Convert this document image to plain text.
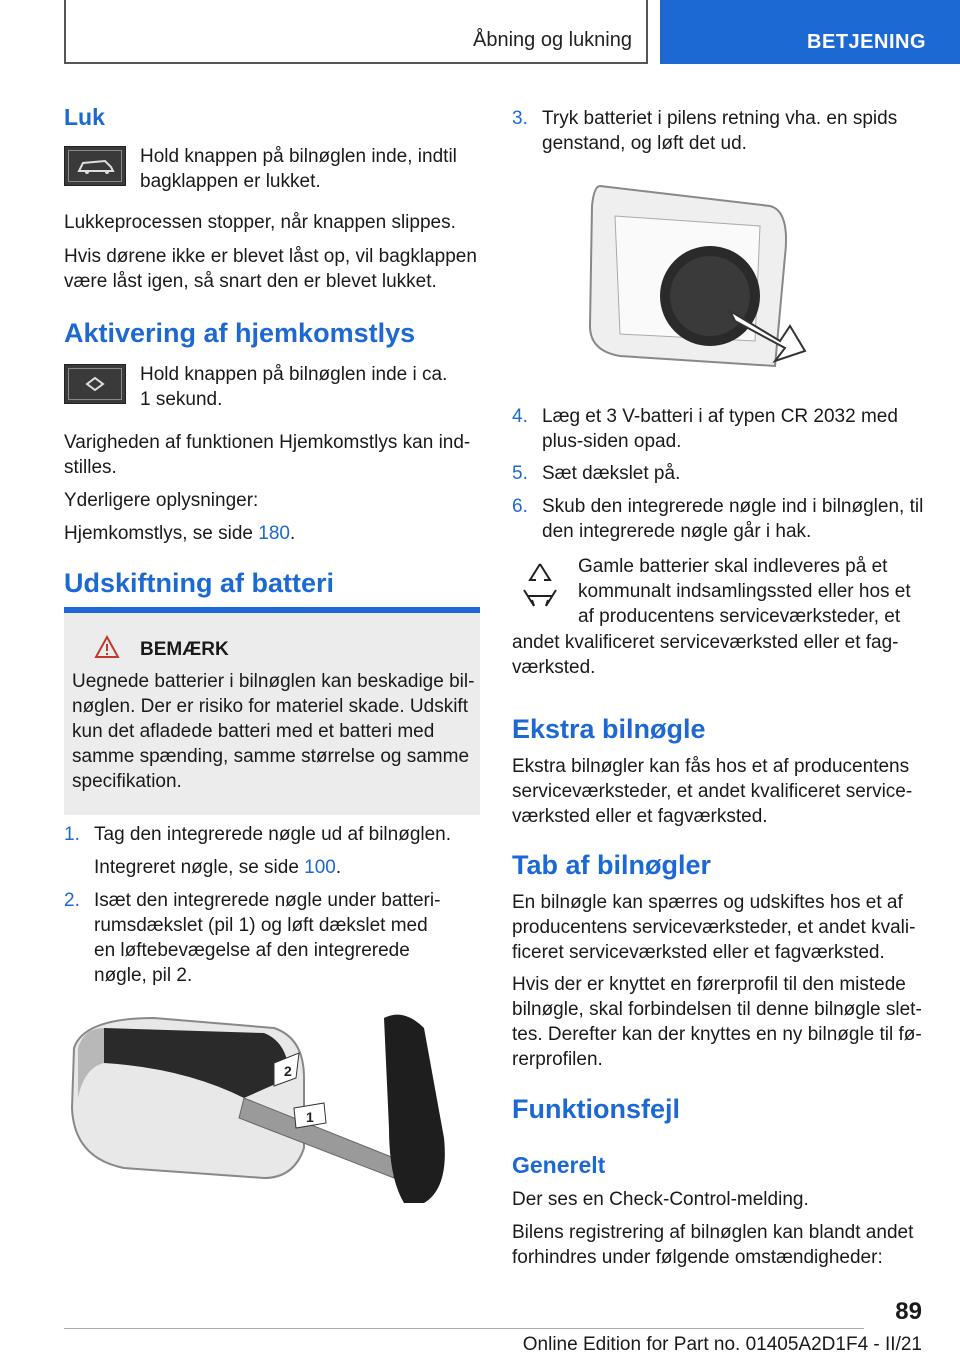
Åbning og lukning	BETJENING
Luk

Hold knappen på bilnøglen inde, indtil bagklappen er lukket.

Lukkeprocessen stopper, når knappen slippes.

Hvis dørene ikke er blevet låst op, vil bagklappen være låst igen, så snart den er blevet lukket.

Aktivering af hjemkomstlys

Hold knappen på bilnøglen inde i ca.

1 sekund.

Varigheden af funktionen Hjemkomstlys kan indstilles.

Yderligere oplysninger:

Hjemkomstlys, se side 180.

Udskiftning af batteri
BEMÆRK

Uegnede batterier i bilnøglen kan beskadige bilnøglen. Der er risiko for materiel skade. Udskift kun det afladede batteri med et batteri med samme spænding, samme størrelse og samme specifikation.

1. Tag den integrerede nøgle ud af bilnøglen.

Integreret nøgle, se side 100.

2. Isæt den integrerede nøgle under batterirumsdækslet (pil 1) og løft dækslet med en løftebevægelse af den integrerede nøgle, pil 2.

2
1
3. Tryk batteriet i pilens retning vha. en spids genstand, og løft det ud.

4. Læg et 3 V-batteri i af typen CR 2032 med plus-siden opad.

5. Sæt dækslet på.

6. Skub den integrerede nøgle ind i bilnøglen, til den integrerede nøgle går i hak.

Gamle batterier skal indleveres på et kommunalt indsamlingssted eller hos et af producentens serviceværksteder, et

andet kvalificeret serviceværksted eller et fagværksted.

Ekstra bilnøgle

Ekstra bilnøgler kan fås hos et af producentens serviceværksteder, et andet kvalificeret serviceværksted eller et fagværksted.

Tab af bilnøgler

En bilnøgle kan spærres og udskiftes hos et af producentens serviceværksteder, et andet kvalificeret serviceværksted eller et fagværksted.

Hvis der er knyttet en førerprofil til den mistede bilnøgle, skal forbindelsen til denne bilnøgle slettes. Derefter kan der knyttes en ny bilnøgle til førerprofilen.

Funktionsfejl
Generelt

Der ses en Check-Control-melding.

Bilens registrering af bilnøglen kan blandt andet forhindres under følgende omstændigheder:

89
Online Edition for Part no. 01405A2D1F4 - II/21
